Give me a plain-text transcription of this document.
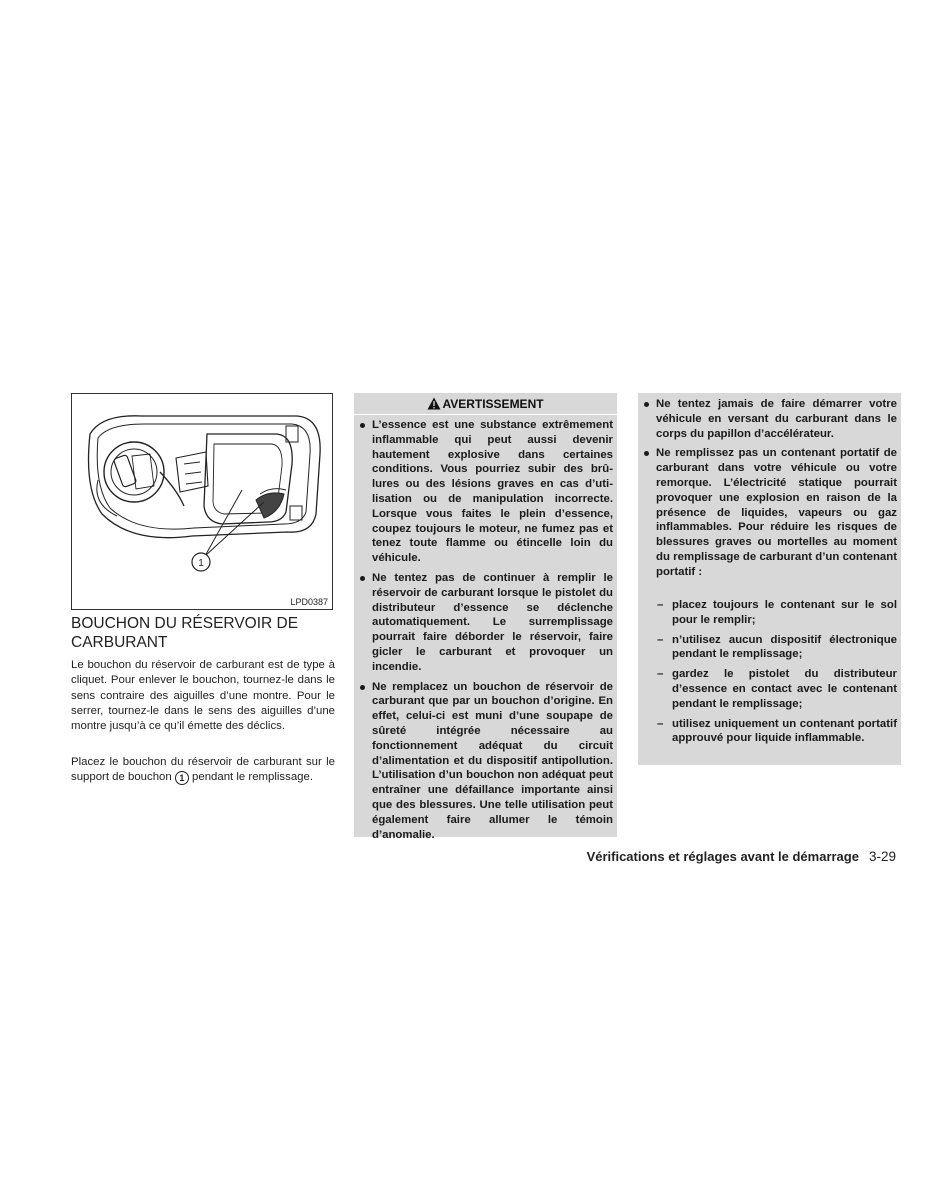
1
LPD0387
BOUCHON DU RÉSERVOIR DE CARBURANT

Le bouchon du réservoir de carburant est de type à cliquet. Pour enlever le bouchon, tournez-le dans le sens contraire des aiguilles d’une montre. Pour le serrer, tournez-le dans le sens des aiguilles d’une montre jusqu’à ce qu’il émette des déclics.

Placez le bouchon du réservoir de carburant sur le support de bouchon 1 pendant le remplissage.

AVERTISSEMENT
L’essence est une substance extrêmement inflammable qui peut aussi devenir hautement explosive dans certaines conditions. Vous pourriez subir des brûlures ou des lésions graves en cas d’utilisation ou de manipulation incorrecte. Lorsque vous faites le plein d’essence, coupez toujours le moteur, ne fumez pas et tenez toute flamme ou étincelle loin du véhicule.
Ne tentez pas de continuer à remplir le réservoir de carburant lorsque le pistolet du distributeur d’essence se déclenche automatiquement. Le surremplissage pourrait faire déborder le réservoir, faire gicler le carburant et provoquer un incendie.
Ne remplacez un bouchon de réservoir de carburant que par un bouchon d’origine. En effet, celui-ci est muni d’une soupape de sûreté intégrée nécessaire au fonctionnement adéquat du circuit d’alimentation et du dispositif antipollution. L’utilisation d’un bouchon non adéquat peut entraîner une défaillance importante ainsi que des blessures. Une telle utilisation peut également faire allumer le témoin d’anomalie.
Ne tentez jamais de faire démarrer votre véhicule en versant du carburant dans le corps du papillon d’accélérateur.
Ne remplissez pas un contenant portatif de carburant dans votre véhicule ou votre remorque. L’électricité statique pourrait provoquer une explosion en raison de la présence de liquides, vapeurs ou gaz inflammables. Pour réduire les risques de blessures graves ou mortelles au moment du remplissage de carburant d’un contenant portatif :
– placez toujours le contenant sur le sol pour le remplir;
– n’utilisez aucun dispositif électronique pendant le remplissage;
– gardez le pistolet du distributeur d’essence en contact avec le contenant pendant le remplissage;
– utilisez uniquement un contenant portatif approuvé pour liquide inflammable.
Vérifications et réglages avant le démarrage 3-29
